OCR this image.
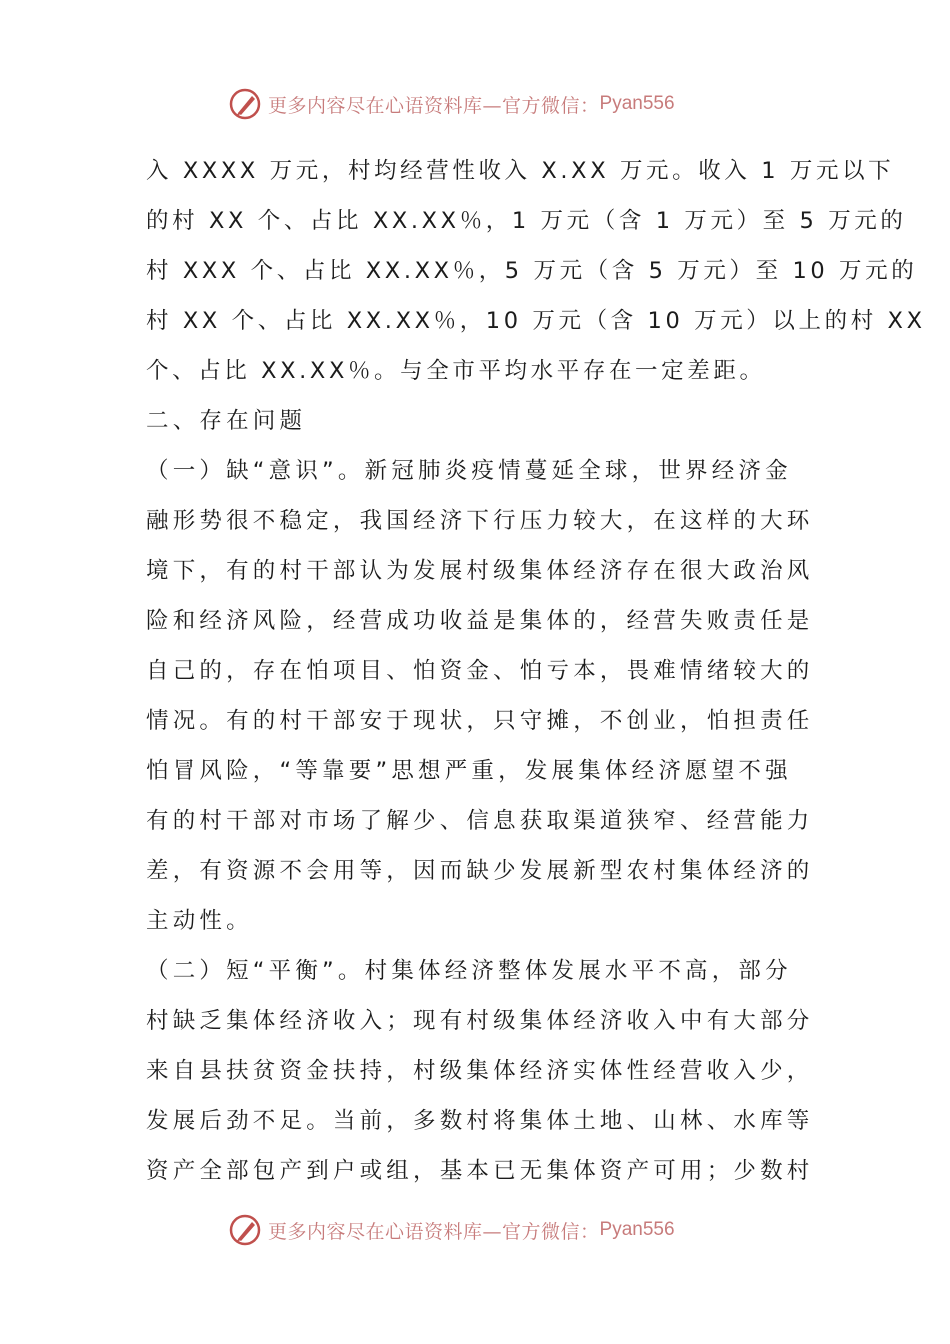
更多内容尽在心语资料库—官方微信： Pyan556
入 XXXX 万元，村均经营性收入 X.XX 万元。收入 1 万元以下
的村 XX 个、占比 XX.XX％，1 万元（含 1 万元）至 5 万元的
村 XXX 个、占比 XX.XX％，5 万元（含 5 万元）至 10 万元的
村 XX 个、占比 XX.XX％，10 万元（含 10 万元）以上的村 XX
个、占比 XX.XX％。与全市平均水平存在一定差距。
二、存在问题
（一）缺“意识”。新冠肺炎疫情蔓延全球，世界经济金
融形势很不稳定，我国经济下行压力较大，在这样的大环
境下，有的村干部认为发展村级集体经济存在很大政治风
险和经济风险，经营成功收益是集体的，经营失败责任是
自己的，存在怕项目、怕资金、怕亏本，畏难情绪较大的
情况。有的村干部安于现状，只守摊，不创业，怕担责任
怕冒风险，“等靠要”思想严重，发展集体经济愿望不强
有的村干部对市场了解少、信息获取渠道狭窄、经营能力
差，有资源不会用等，因而缺少发展新型农村集体经济的
主动性。
（二）短“平衡”。村集体经济整体发展水平不高，部分
村缺乏集体经济收入；现有村级集体经济收入中有大部分
来自县扶贫资金扶持，村级集体经济实体性经营收入少，
发展后劲不足。当前，多数村将集体土地、山林、水库等
资产全部包产到户或组，基本已无集体资产可用；少数村
更多内容尽在心语资料库—官方微信： Pyan556
